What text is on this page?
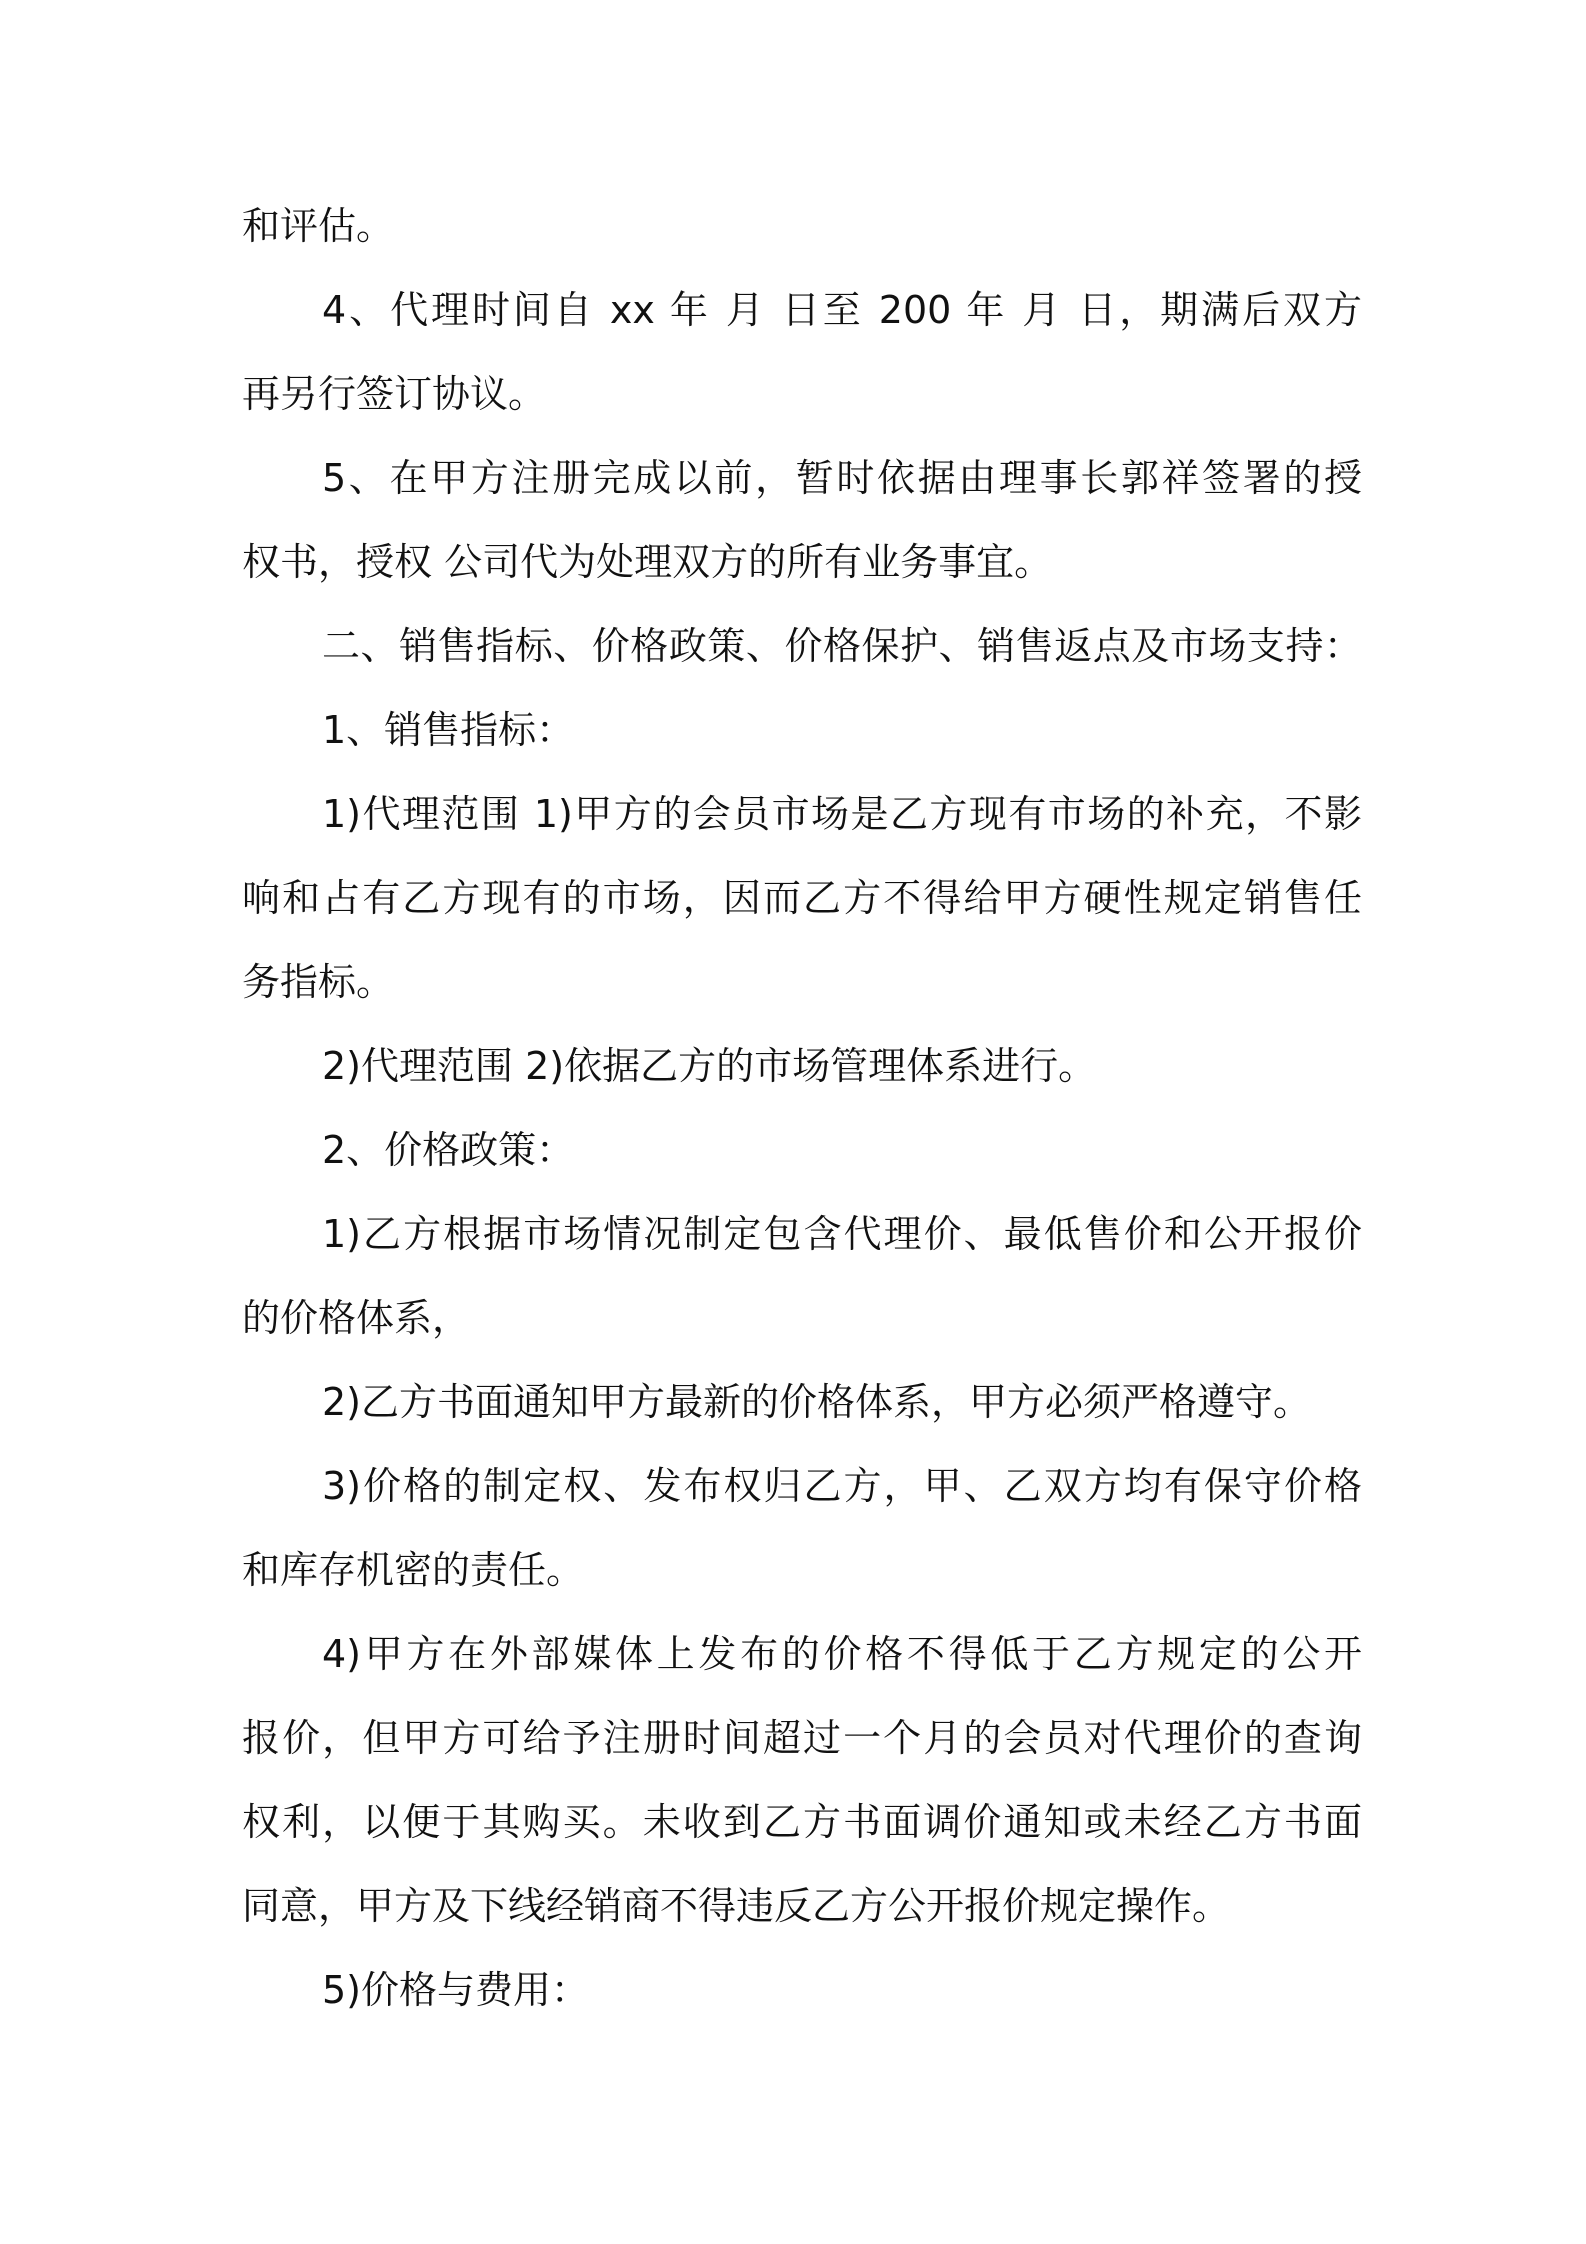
和评估。

4、代理时间自 xx 年 月 日至 200 年 月 日，期满后双方

再另行签订协议。

5、在甲方注册完成以前，暂时依据由理事长郭祥签署的授

权书，授权 公司代为处理双方的所有业务事宜。

二、销售指标、价格政策、价格保护、销售返点及市场支持：

1、销售指标：

1)代理范围 1)甲方的会员市场是乙方现有市场的补充，不影

响和占有乙方现有的市场，因而乙方不得给甲方硬性规定销售任

务指标。

2)代理范围 2)依据乙方的市场管理体系进行。

2、价格政策：

1)乙方根据市场情况制定包含代理价、最低售价和公开报价

的价格体系，

2)乙方书面通知甲方最新的价格体系，甲方必须严格遵守。

3)价格的制定权、发布权归乙方，甲、乙双方均有保守价格

和库存机密的责任。

4)甲方在外部媒体上发布的价格不得低于乙方规定的公开

报价，但甲方可给予注册时间超过一个月的会员对代理价的查询

权利，以便于其购买。未收到乙方书面调价通知或未经乙方书面

同意，甲方及下线经销商不得违反乙方公开报价规定操作。

5)价格与费用：
